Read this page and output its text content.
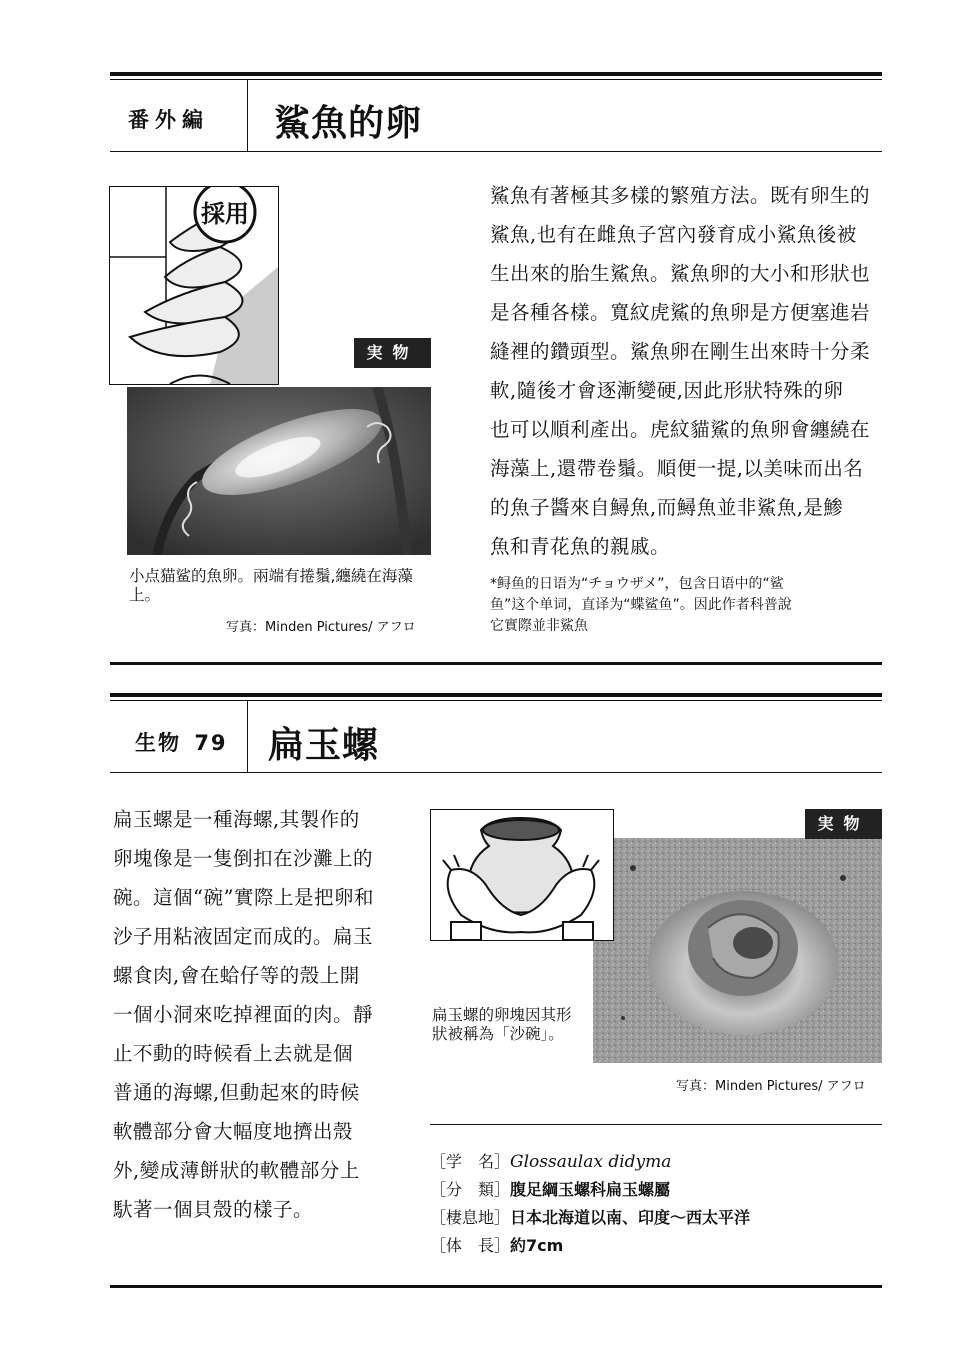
番外編 鯊魚的卵
採用
実物
小点猫鲨的魚卵。兩端有捲鬚,纏繞在海藻上。
写真：Minden Pictures/ アフロ
鯊魚有著極其多樣的繁殖方法。既有卵生的
鯊魚,也有在雌魚子宮內發育成小鯊魚後被
生出來的胎生鯊魚。鯊魚卵的大小和形狀也
是各種各樣。寬紋虎鯊的魚卵是方便塞進岩
縫裡的鑽頭型。鯊魚卵在剛生出來時十分柔
軟,隨後才會逐漸變硬,因此形狀特殊的卵
也可以順利產出。虎紋貓鯊的魚卵會纏繞在
海藻上,還帶卷鬚。順便一提,以美味而出名
的魚子醬來自鱘魚,而鱘魚並非鯊魚,是鯵
魚和青花魚的親戚。
*鲟鱼的日语为“チョウザメ”，包含日语中的“鲨
鱼”这个单词，直译为“蝶鲨鱼”。因此作者科普說
它實際並非鯊魚
生物 79 扁玉螺
扁玉螺是一種海螺,其製作的
卵塊像是一隻倒扣在沙灘上的
碗。這個“碗”實際上是把卵和
沙子用粘液固定而成的。扁玉
螺食肉,會在蛤仔等的殼上開
一個小洞來吃掉裡面的肉。靜
止不動的時候看上去就是個
普通的海螺,但動起來的時候
軟體部分會大幅度地擠出殼
外,變成薄餅狀的軟體部分上
馱著一個貝殼的樣子。
実物
扁玉螺的卵塊因其形狀被稱為「沙碗」。
写真：Minden Pictures/ アフロ
［学　名］ Glossaulax didyma
［分　類］ 腹足綱玉螺科扁玉螺屬
［棲息地］ 日本北海道以南、印度～西太平洋
［体　長］ 約7cm
